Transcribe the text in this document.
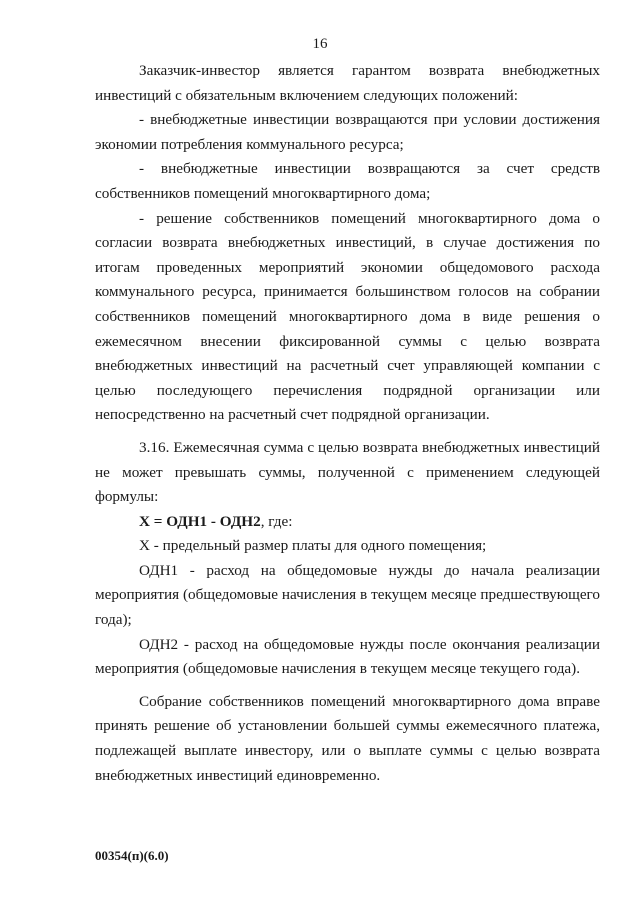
16

Заказчик-инвестор является гарантом возврата внебюджетных инвестиций с обязательным включением следующих положений:

- внебюджетные инвестиции возвращаются при условии достижения экономии потребления коммунального ресурса;

- внебюджетные инвестиции возвращаются за счет средств собственников помещений многоквартирного дома;

- решение собственников помещений многоквартирного дома о согласии возврата внебюджетных инвестиций, в случае достижения по итогам проведенных мероприятий экономии общедомового расхода коммунального ресурса, принимается большинством голосов на собрании собственников помещений многоквартирного дома в виде решения о ежемесячном внесении фиксированной суммы с целью возврата внебюджетных инвестиций на расчетный счет управляющей компании с целью последующего перечисления подрядной организации или непосредственно на расчетный счет подрядной организации.

3.16. Ежемесячная сумма с целью возврата внебюджетных инвестиций не может превышать суммы, полученной с применением следующей формулы:

X = ОДН1 - ОДН2, где:

X - предельный размер платы для одного помещения;

ОДН1 - расход на общедомовые нужды до начала реализации мероприятия (общедомовые начисления в текущем месяце предшествующего года);

ОДН2 - расход на общедомовые нужды после окончания реализации мероприятия (общедомовые начисления в текущем месяце текущего года).

Собрание собственников помещений многоквартирного дома вправе принять решение об установлении большей суммы ежемесячного платежа, подлежащей выплате инвестору, или о выплате суммы с целью возврата внебюджетных инвестиций единовременно.

00354(п)(6.0)
